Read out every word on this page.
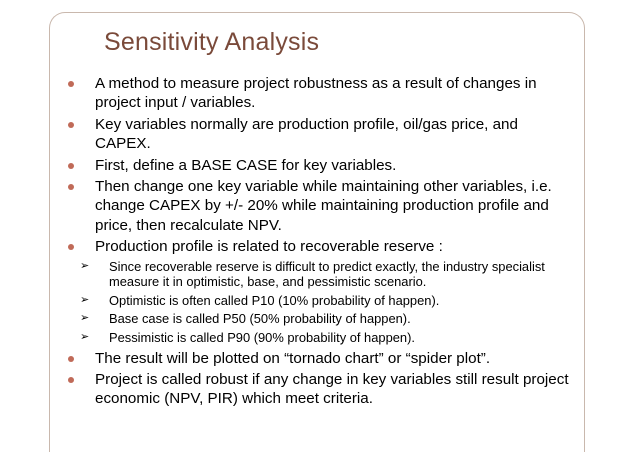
Sensitivity Analysis
A method to measure project robustness as a result of changes in project input / variables.
Key variables normally are production profile, oil/gas price, and CAPEX.
First, define a BASE CASE for key variables.
Then change one key variable while maintaining other variables, i.e. change CAPEX by +/- 20% while maintaining production profile and price, then recalculate NPV.
Production profile is related to recoverable reserve :
➢ Since recoverable reserve is difficult to predict exactly, the industry specialist measure it in optimistic, base, and pessimistic scenario.
➢ Optimistic is often called P10 (10% probability of happen).
➢ Base case is called P50 (50% probability of happen).
➢ Pessimistic is called P90 (90% probability of happen).
The result will be plotted on “tornado chart” or “spider plot”.
Project is called robust if any change in key variables still result project economic (NPV, PIR) which meet criteria.
